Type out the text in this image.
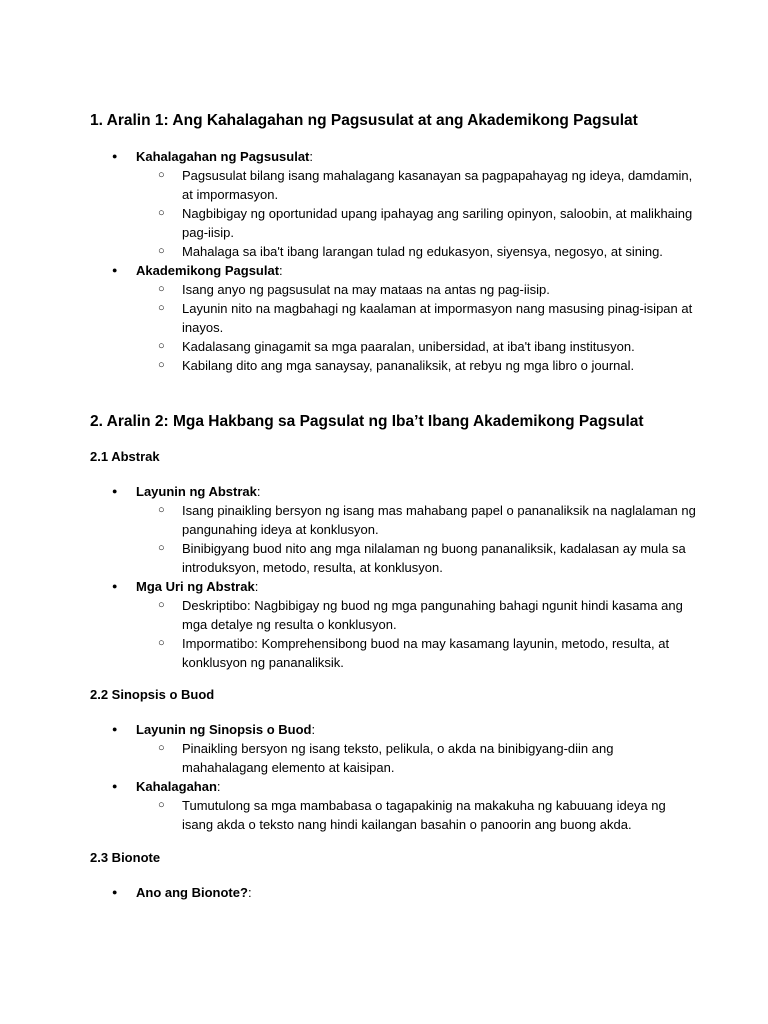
1. Aralin 1: Ang Kahalagahan ng Pagsusulat at ang Akademikong Pagsulat
● Kahalagahan ng Pagsusulat:
○ Pagsusulat bilang isang mahalagang kasanayan sa pagpapahayag ng ideya, damdamin, at impormasyon.
○ Nagbibigay ng oportunidad upang ipahayag ang sariling opinyon, saloobin, at malikhaing pag-iisip.
○ Mahalaga sa iba't ibang larangan tulad ng edukasyon, siyensya, negosyo, at sining.
● Akademikong Pagsulat:
○ Isang anyo ng pagsusulat na may mataas na antas ng pag-iisip.
○ Layunin nito na magbahagi ng kaalaman at impormasyon nang masusing pinag-isipan at inayos.
○ Kadalasang ginagamit sa mga paaralan, unibersidad, at iba't ibang institusyon.
○ Kabilang dito ang mga sanaysay, pananaliksik, at rebyu ng mga libro o journal.
2. Aralin 2: Mga Hakbang sa Pagsulat ng Iba’t Ibang Akademikong Pagsulat
2.1 Abstrak
● Layunin ng Abstrak:
○ Isang pinaikling bersyon ng isang mas mahabang papel o pananaliksik na naglalaman ng pangunahing ideya at konklusyon.
○ Binibigyang buod nito ang mga nilalaman ng buong pananaliksik, kadalasan ay mula sa introduksyon, metodo, resulta, at konklusyon.
● Mga Uri ng Abstrak:
○ Deskriptibo: Nagbibigay ng buod ng mga pangunahing bahagi ngunit hindi kasama ang mga detalye ng resulta o konklusyon.
○ Impormatibo: Komprehensibong buod na may kasamang layunin, metodo, resulta, at konklusyon ng pananaliksik.
2.2 Sinopsis o Buod
● Layunin ng Sinopsis o Buod:
○ Pinaikling bersyon ng isang teksto, pelikula, o akda na binibigyang-diin ang mahahalagang elemento at kaisipan.
● Kahalagahan:
○ Tumutulong sa mga mambabasa o tagapakinig na makakuha ng kabuuang ideya ng isang akda o teksto nang hindi kailangan basahin o panoorin ang buong akda.
2.3 Bionote
● Ano ang Bionote?:
